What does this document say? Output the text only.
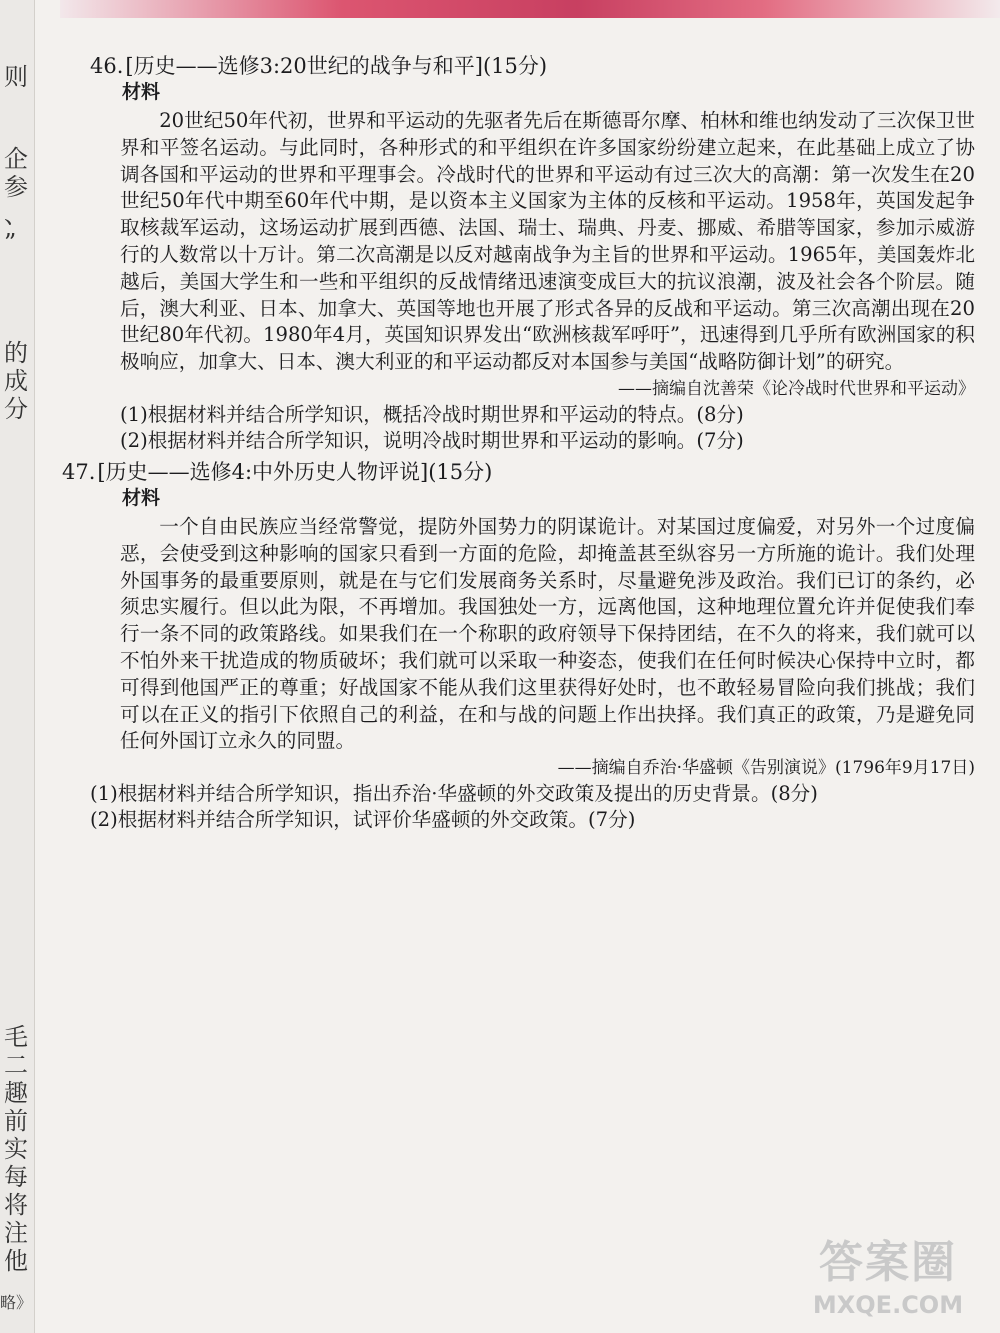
则
企
参
、
”
的
成
分
毛
二
趣
前
实
每
将
注
他
略》
46.[历史——选修3:20世纪的战争与和平](15分)
材料

20世纪50年代初，世界和平运动的先驱者先后在斯德哥尔摩、柏林和维也纳发动了三次保卫世界和平签名运动。与此同时，各种形式的和平组织在许多国家纷纷建立起来，在此基础上成立了协调各国和平运动的世界和平理事会。冷战时代的世界和平运动有过三次大的高潮：第一次发生在20世纪50年代中期至60年代中期，是以资本主义国家为主体的反核和平运动。1958年，英国发起争取核裁军运动，这场运动扩展到西德、法国、瑞士、瑞典、丹麦、挪威、希腊等国家，参加示威游行的人数常以十万计。第二次高潮是以反对越南战争为主旨的世界和平运动。1965年，美国轰炸北越后，美国大学生和一些和平组织的反战情绪迅速演变成巨大的抗议浪潮，波及社会各个阶层。随后，澳大利亚、日本、加拿大、英国等地也开展了形式各异的反战和平运动。第三次高潮出现在20世纪80年代初。1980年4月，英国知识界发出“欧洲核裁军呼吁”，迅速得到几乎所有欧洲国家的积极响应，加拿大、日本、澳大利亚的和平运动都反对本国参与美国“战略防御计划”的研究。

——摘编自沈善荣《论冷战时代世界和平运动》
(1)根据材料并结合所学知识，概括冷战时期世界和平运动的特点。(8分)
(2)根据材料并结合所学知识，说明冷战时期世界和平运动的影响。(7分)
47.[历史——选修4:中外历史人物评说](15分)
材料

一个自由民族应当经常警觉，提防外国势力的阴谋诡计。对某国过度偏爱，对另外一个过度偏恶，会使受到这种影响的国家只看到一方面的危险，却掩盖甚至纵容另一方所施的诡计。我们处理外国事务的最重要原则，就是在与它们发展商务关系时，尽量避免涉及政治。我们已订的条约，必须忠实履行。但以此为限，不再增加。我国独处一方，远离他国，这种地理位置允许并促使我们奉行一条不同的政策路线。如果我们在一个称职的政府领导下保持团结，在不久的将来，我们就可以不怕外来干扰造成的物质破坏；我们就可以采取一种姿态，使我们在任何时候决心保持中立时，都可得到他国严正的尊重；好战国家不能从我们这里获得好处时，也不敢轻易冒险向我们挑战；我们可以在正义的指引下依照自己的利益，在和与战的问题上作出抉择。我们真正的政策，乃是避免同任何外国订立永久的同盟。

——摘编自乔治·华盛顿《告别演说》(1796年9月17日)
(1)根据材料并结合所学知识，指出乔治·华盛顿的外交政策及提出的历史背景。(8分)
(2)根据材料并结合所学知识，试评价华盛顿的外交政策。(7分)
答案圈
MXQE.COM
